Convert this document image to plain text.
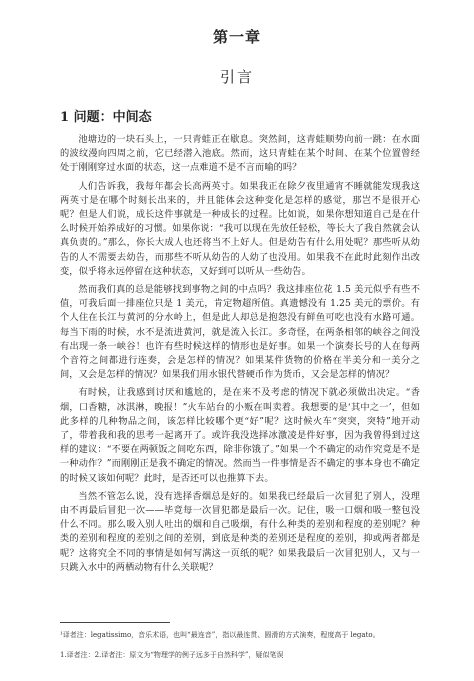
第一章
引言
1 问题：中间态

池塘边的一块石头上，一只青蛙正在歇息。突然间，这青蛙顺势向前一跳：在水面的波纹漫向四周之前，它已经潜入池底。然而，这只青蛙在某个时间、在某个位置曾经处于刚刚穿过水面的状态，这一点难道不是不言而喻的吗？

人们告诉我，我每年都会长高两英寸。如果我正在除夕夜里通宵不睡就能发现我这两英寸是在哪个时刻长出来的，并且能体会这种变化是怎样的感觉，那岂不是很开心呢？但是人们说，成长这件事就是一种成长的过程。比如说，如果你想知道自己是在什么时候开始养成好的习惯。如果你说：“我可以现在先放任轻松，等长大了我自然就会认真负责的。”那么，你长大成人也还将当不上好人。但是幼告有什么用处呢？那些听从幼告的人不需要去幼告，而那些不听从幼告的人幼了也没用。如果我不在此时此刻作出改变，似乎将永远停留在这种状态，又好到可以听从一些幼告。

然而我们真的总是能够找到事物之间的中点吗？我这排座位花 1.5 美元似乎有些不值，可我后面一排座位只是 1 美元，肯定物超所值。真遗憾没有 1.25 美元的票价。有个人住在长江与黄河的分水岭上，但是此人却总是抱怨没有鲜鱼可吃也没有水路可通。每当下雨的时候，水不是流进黄河，就是流入长江。多奇怪，在两条相邻的峡谷之间没有出现一条一峡谷！也许有些时候这样的情形也是好事。如果一个演奏长号的人在每两个音符之间都进行连奏，会是怎样的情况？如果某件货物的价格在半美分和一美分之间，又会是怎样的情况？如果我们用水银代替硬币作为货币，又会是怎样的情况？

有时候，让我感到讨厌和尴尬的，是在来不及考虑的情况下就必须做出决定。“香烟，口香糖，冰淇淋，晚报！”火车站台的小贩在叫卖着。我想要的是‘其中之一’，但如此多样的几种物品之间，该怎样比较哪个更“好”呢？这时候火车“突突，突特”地开动了，带着我和我的思考一起离开了。或许我没选择冰激凌是件好事，因为我曾得到过这样的建议：“不要在两顿饭之间吃东西，除非你饿了。”如果一个不确定的动作究竟是不是一种动作？”而刚刚正是我不确定的情况。然而当一件事情是否不确定的事本身也不确定的时候又该如何呢？此时，是否还可以也推算下去。

当然不管怎么说，没有选择香烟总是好的。如果我已经最后一次冒犯了别人，没理由不再最后冒犯一次——毕竟每一次冒犯都是最后一次。记住，吸一口烟和吸一整包没什么不同。那么吸入别人吐出的烟和自己吸烟，有什么种类的差别和程度的差别呢？种类的差别和程度的差别之间的差别，到底是种类的差别还是程度的差别，抑或两者都是呢？这将究全不同的事情是如何写满这一页纸的呢？如果我最后一次冒犯别人，又与一只跳入水中的两栖动物有什么关联呢？

¹译者注：legatissimo，音乐术语，也叫“最连音”，指以最连贯、圆滑的方式演奏，程度高于 legato。
1.译者注：2.译者注：原文为“物理学的例子远多于自然科学”，疑似笔误
